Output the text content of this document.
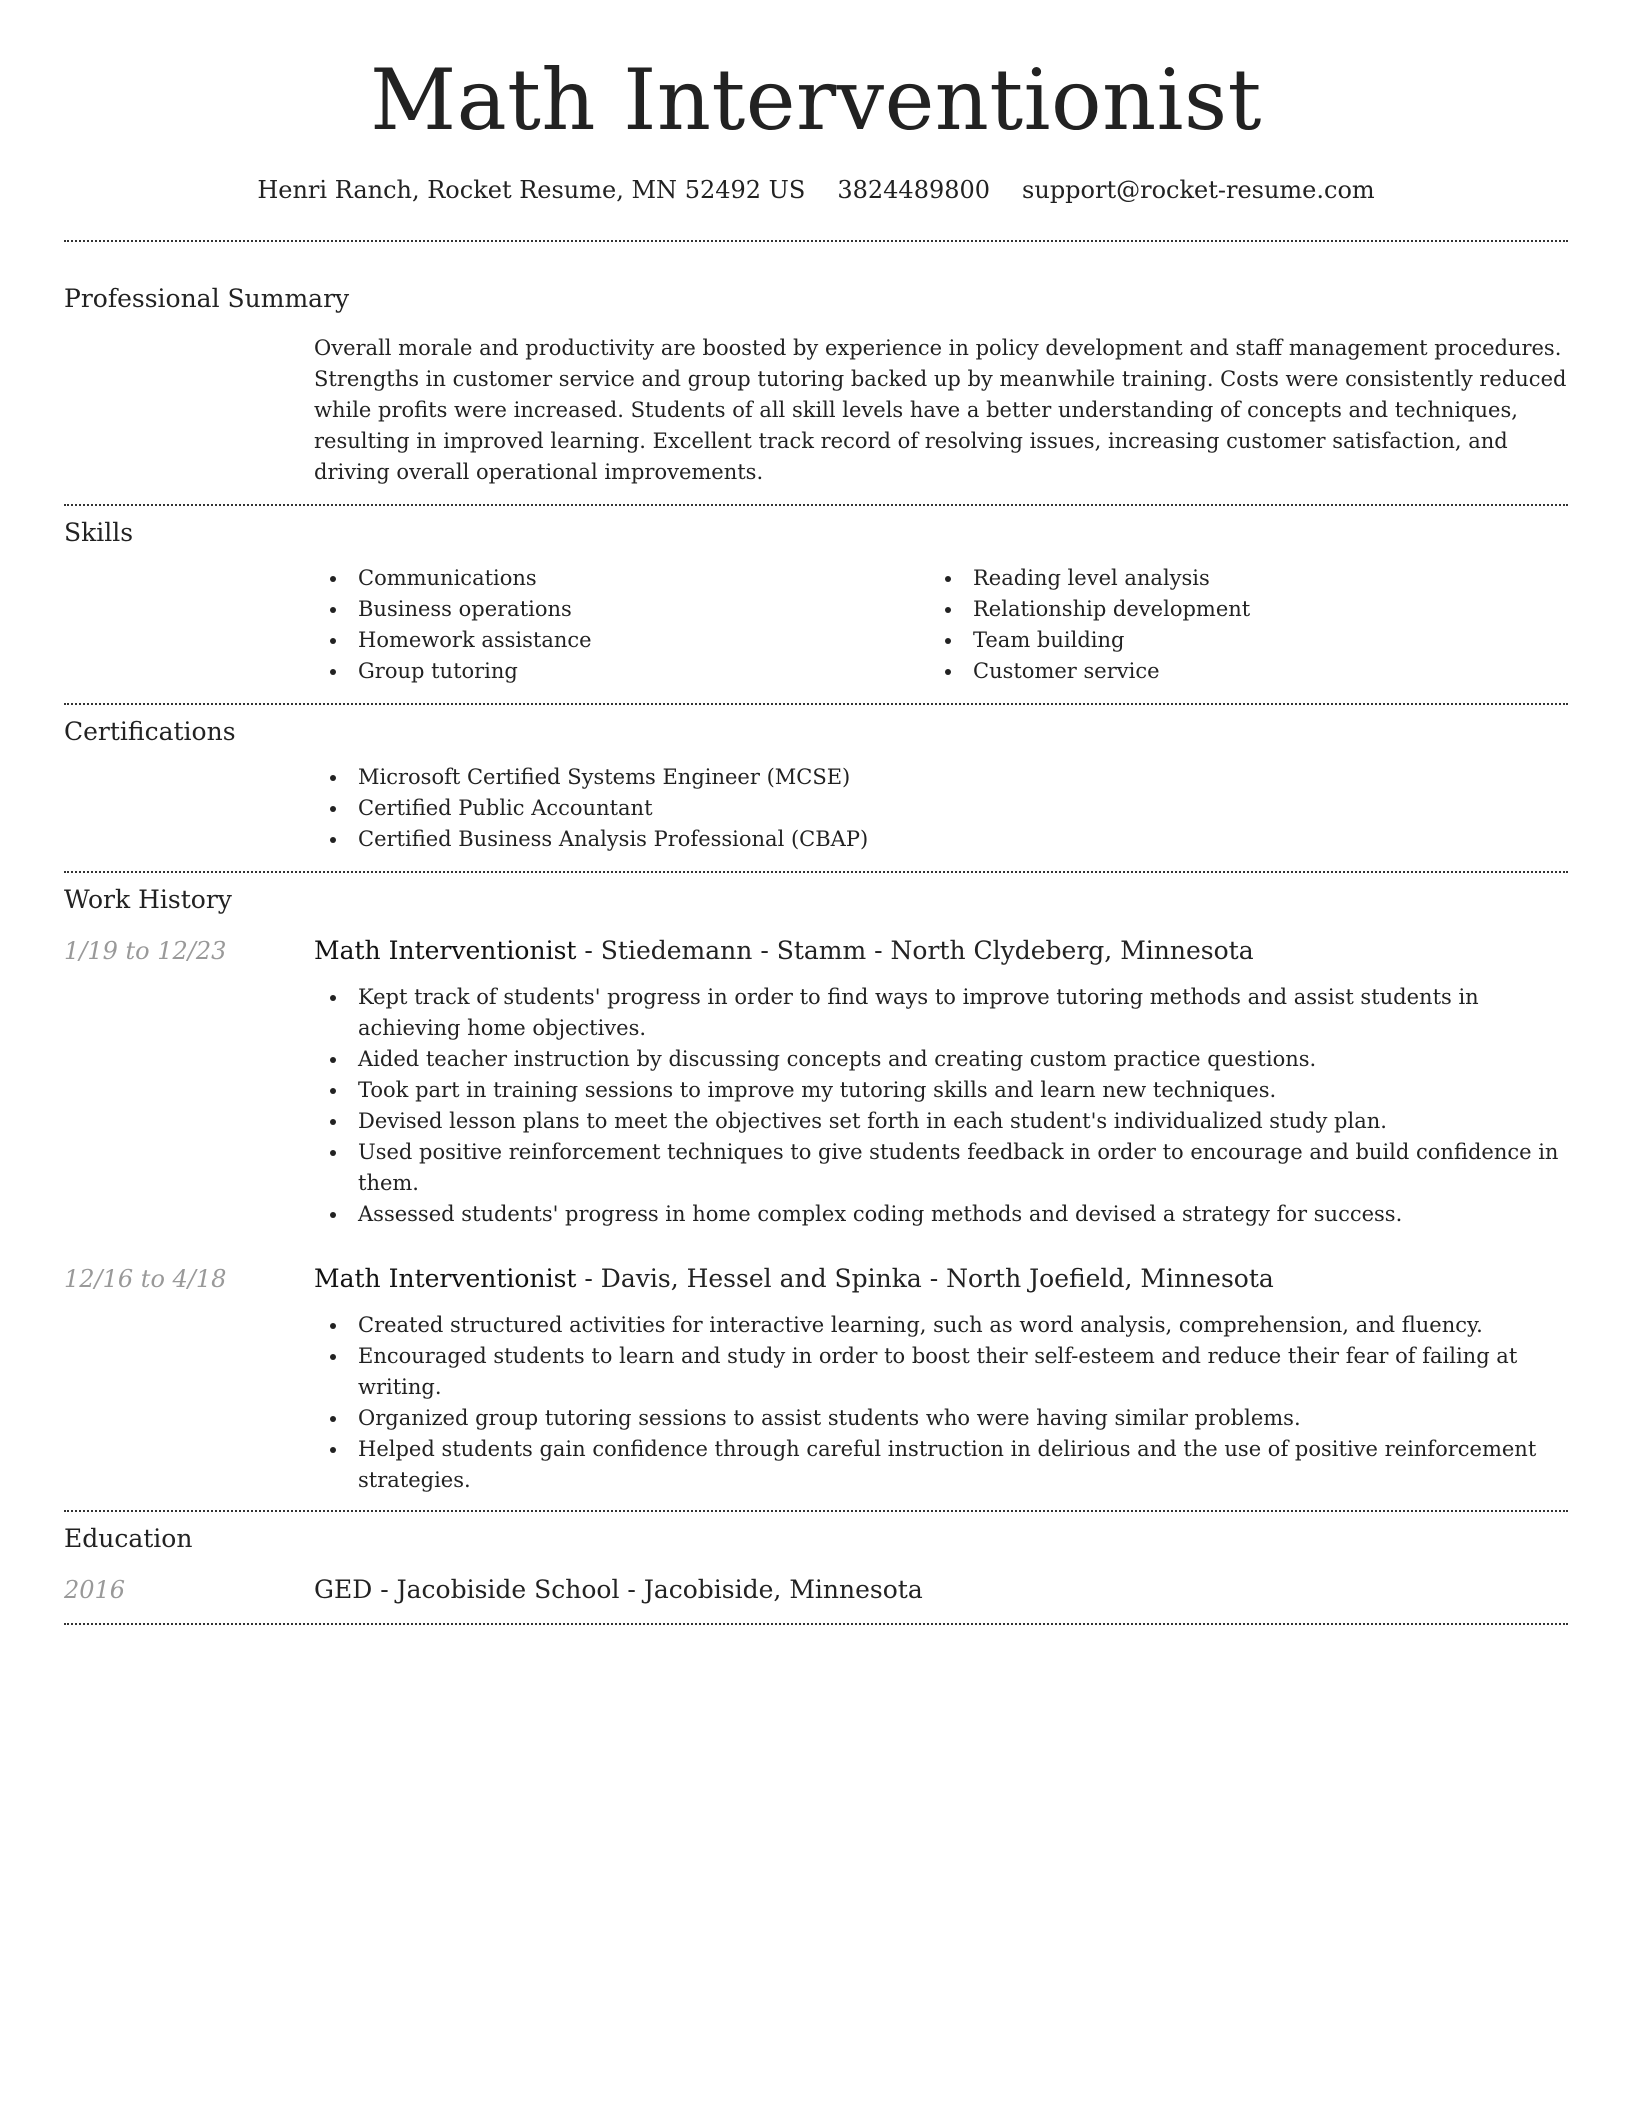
Math Interventionist
Henri Ranch, Rocket Resume, MN 52492 US 3824489800 support@rocket-resume.com
Professional Summary

Overall morale and productivity are boosted by experience in policy development and staff management procedures. Strengths in customer service and group tutoring backed up by meanwhile training. Costs were consistently reduced while profits were increased. Students of all skill levels have a better understanding of concepts and techniques, resulting in improved learning. Excellent track record of resolving issues, increasing customer satisfaction, and driving overall operational improvements.

Skills
Communications
Business operations
Homework assistance
Group tutoring
Reading level analysis
Relationship development
Team building
Customer service
Certifications
Microsoft Certified Systems Engineer (MCSE)
Certified Public Accountant
Certified Business Analysis Professional (CBAP)
Work History
1/19 to 12/23	Math Interventionist - Stiedemann - Stamm - North Clydeberg, Minnesota
Kept track of students' progress in order to find ways to improve tutoring methods and assist students in achieving home objectives.
Aided teacher instruction by discussing concepts and creating custom practice questions.
Took part in training sessions to improve my tutoring skills and learn new techniques.
Devised lesson plans to meet the objectives set forth in each student's individualized study plan.
Used positive reinforcement techniques to give students feedback in order to encourage and build confidence in them.
Assessed students' progress in home complex coding methods and devised a strategy for success.
12/16 to 4/18	Math Interventionist - Davis, Hessel and Spinka - North Joefield, Minnesota
Created structured activities for interactive learning, such as word analysis, comprehension, and fluency.
Encouraged students to learn and study in order to boost their self-esteem and reduce their fear of failing at writing.
Organized group tutoring sessions to assist students who were having similar problems.
Helped students gain confidence through careful instruction in delirious and the use of positive reinforcement strategies.
Education
2016	GED - Jacobiside School - Jacobiside, Minnesota
